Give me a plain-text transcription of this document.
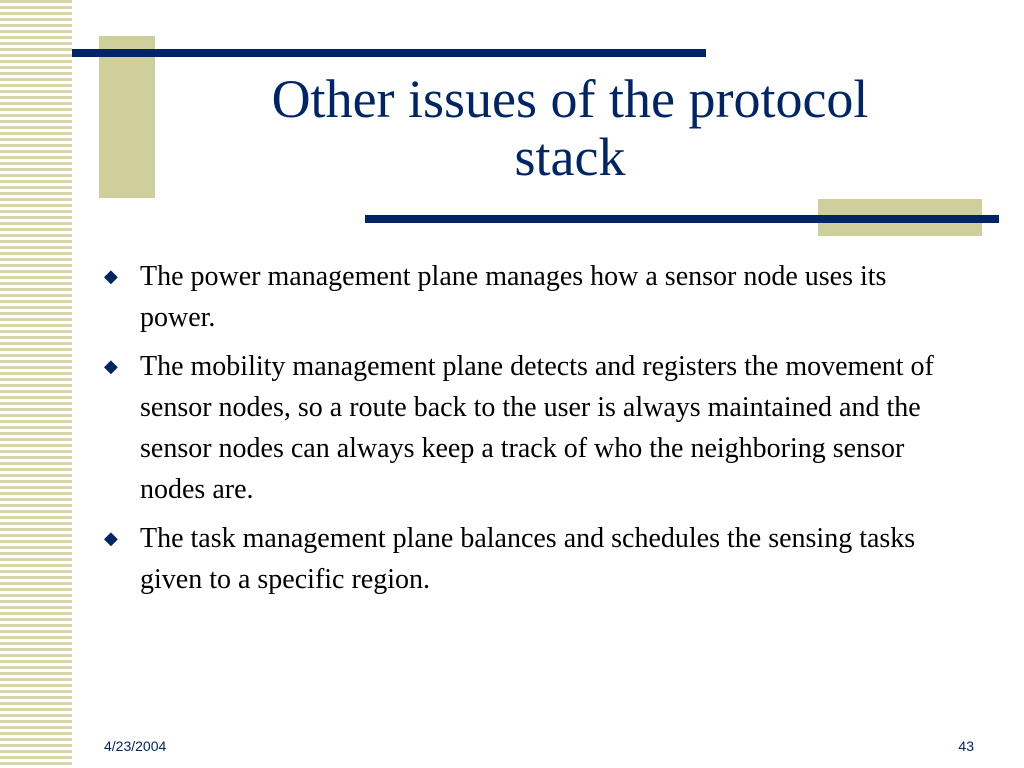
Other issues of the protocol
stack
◆ The power management plane manages how a sensor node uses its power.
◆ The mobility management plane detects and registers the movement of sensor nodes, so a route back to the user is always maintained and the sensor nodes can always keep a track of who the neighboring sensor nodes are.
◆ The task management plane balances and schedules the sensing tasks given to a specific region.
4/23/2004	43
